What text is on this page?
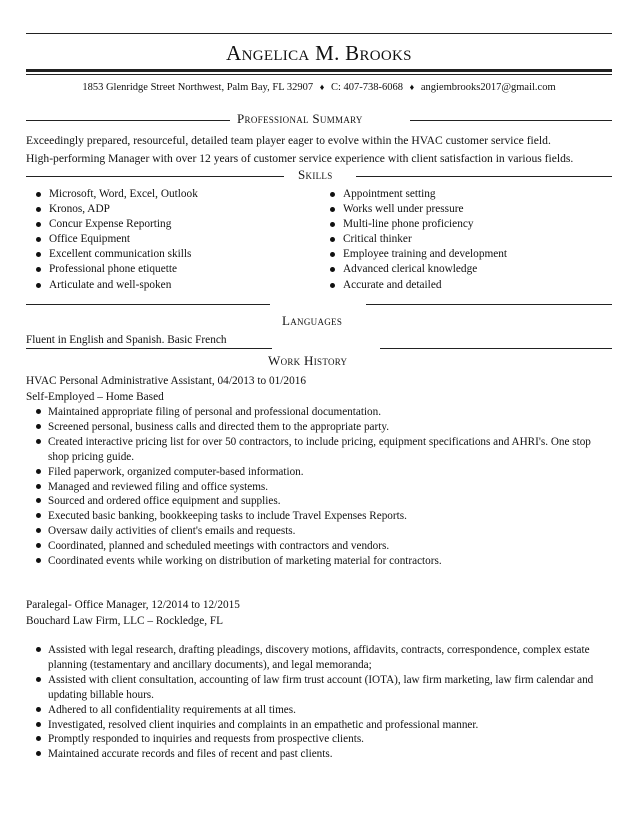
Angelica M. Brooks
1853 Glenridge Street Northwest, Palm Bay, FL 32907 ♦ C: 407-738-6068 ♦ angiembrooks2017@gmail.com
Professional Summary
Exceedingly prepared, resourceful, detailed team player eager to evolve within the HVAC customer service field.
High-performing Manager with over 12 years of customer service experience with client satisfaction in various fields.
Skills
Microsoft, Word, Excel, Outlook
Kronos, ADP
Concur Expense Reporting
Office Equipment
Excellent communication skills
Professional phone etiquette
Articulate and well-spoken
Appointment setting
Works well under pressure
Multi-line phone proficiency
Critical thinker
Employee training and development
Advanced clerical knowledge
Accurate and detailed
Languages
Fluent in English and Spanish. Basic French
Work History
HVAC Personal Administrative Assistant, 04/2013 to 01/2016
Self-Employed – Home Based
Maintained appropriate filing of personal and professional documentation.
Screened personal, business calls and directed them to the appropriate party.
Created interactive pricing list for over 50 contractors, to include pricing, equipment specifications and AHRI's. One stop shop pricing guide.
Filed paperwork, organized computer-based information.
Managed and reviewed filing and office systems.
Sourced and ordered office equipment and supplies.
Executed basic banking, bookkeeping tasks to include Travel Expenses Reports.
Oversaw daily activities of client's emails and requests.
Coordinated, planned and scheduled meetings with contractors and vendors.
Coordinated events while working on distribution of marketing material for contractors.
Paralegal- Office Manager, 12/2014 to 12/2015
Bouchard Law Firm, LLC – Rockledge, FL
Assisted with legal research, drafting pleadings, discovery motions, affidavits, contracts, correspondence, complex estate planning (testamentary and ancillary documents), and legal memoranda;
Assisted with client consultation, accounting of law firm trust account (IOTA), law firm marketing, law firm calendar and updating billable hours.
Adhered to all confidentiality requirements at all times.
Investigated, resolved client inquiries and complaints in an empathetic and professional manner.
Promptly responded to inquiries and requests from prospective clients.
Maintained accurate records and files of recent and past clients.
